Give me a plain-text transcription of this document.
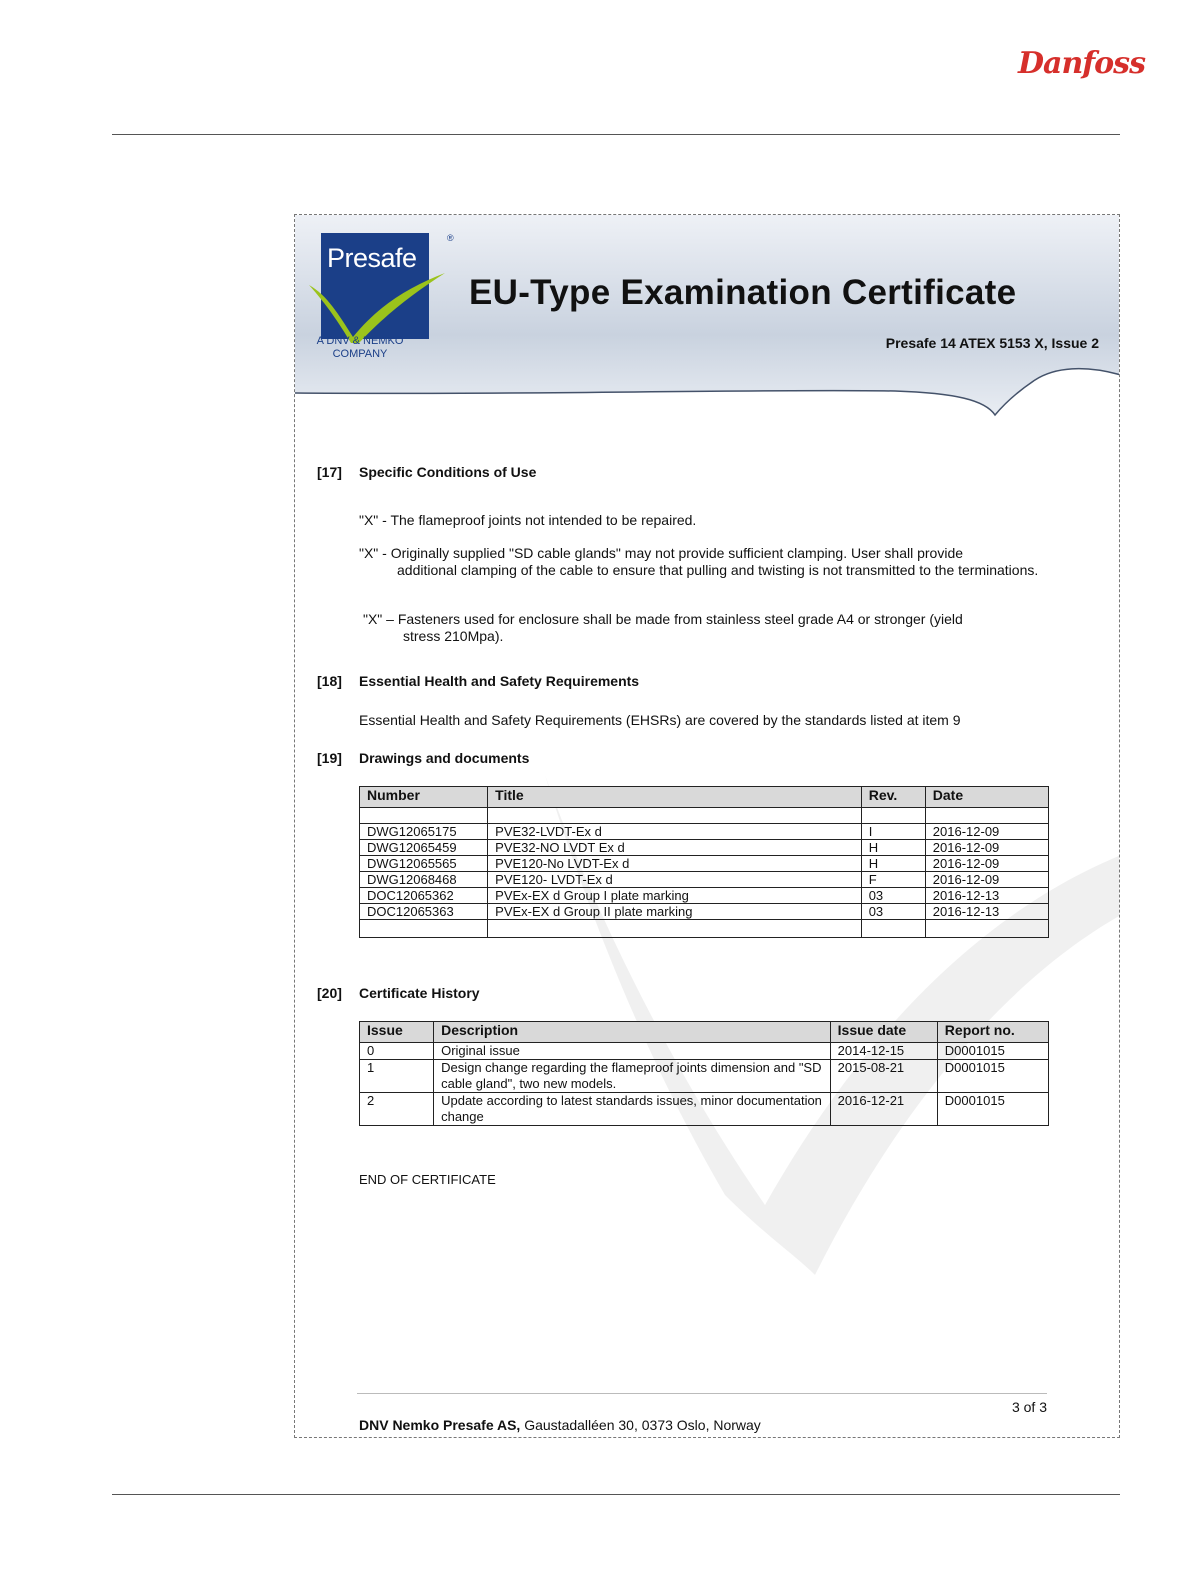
Danfoss
Presafe
®
A DNV & NEMKO COMPANY
EU-Type Examination Certificate
Presafe 14 ATEX 5153 X, Issue 2
[17] Specific Conditions of Use
"X" - The flameproof joints not intended to be repaired.
"X" - Originally supplied "SD cable glands" may not provide sufficient clamping. User shall provide
additional clamping of the cable to ensure that pulling and twisting is not transmitted to the terminations.
"X" – Fasteners used for enclosure shall be made from stainless steel grade A4 or stronger (yield
stress 210Mpa).
[18] Essential Health and Safety Requirements
Essential Health and Safety Requirements (EHSRs) are covered by the standards listed at item 9
[19] Drawings and documents
Number	Title	Rev.	Date

DWG12065175	PVE32-LVDT-Ex d	I	2016-12-09
DWG12065459	PVE32-NO LVDT Ex d	H	2016-12-09
DWG12065565	PVE120-No LVDT-Ex d	H	2016-12-09
DWG12068468	PVE120- LVDT-Ex d	F	2016-12-09
DOC12065362	PVEx-EX d Group I plate marking	03	2016-12-13
DOC12065363	PVEx-EX d Group II plate marking	03	2016-12-13

[20] Certificate History
Issue	Description	Issue date	Report no.
0	Original issue	2014-12-15	D0001015
1	Design change regarding the flameproof joints dimension and "SD cable gland", two new models.	2015-08-21	D0001015
2	Update according to latest standards issues, minor documentation change	2016-12-21	D0001015
END OF CERTIFICATE
3 of 3
DNV Nemko Presafe AS, Gaustadalléen 30, 0373 Oslo, Norway
